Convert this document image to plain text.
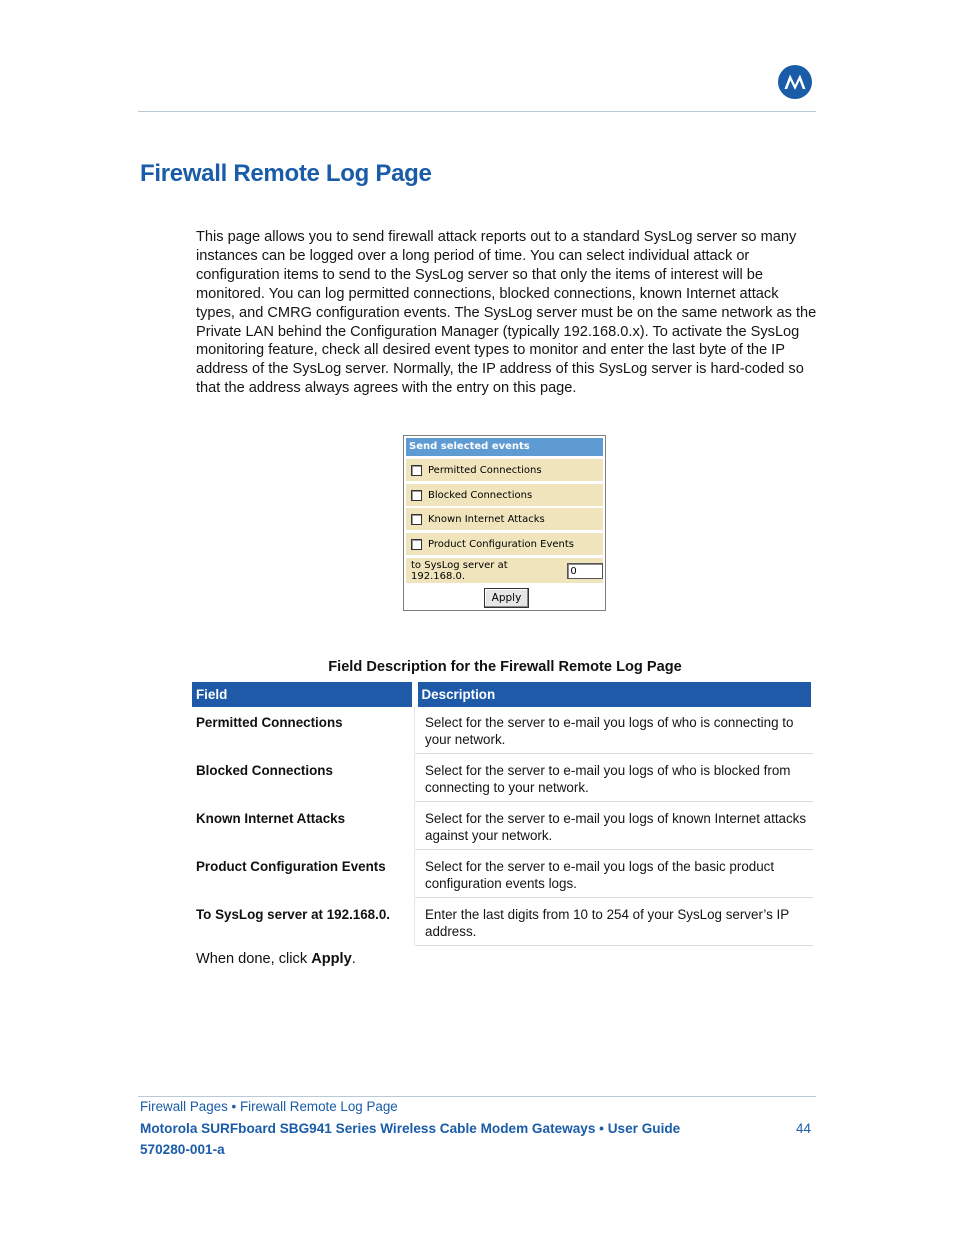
Firewall Remote Log Page

This page allows you to send firewall attack reports out to a standard SysLog server so many instances can be logged over a long period of time. You can select individual attack or configuration items to send to the SysLog server so that only the items of interest will be monitored. You can log permitted connections, blocked connections, known Internet attack types, and CMRG configuration events. The SysLog server must be on the same network as the Private LAN behind the Configuration Manager (typically 192.168.0.x). To activate the SysLog monitoring feature, check all desired event types to monitor and enter the last byte of the IP address of the SysLog server. Normally, the IP address of this SysLog server is hard-coded so that the address always agrees with the entry on this page.

Send selected events
Permitted Connections
Blocked Connections
Known Internet Attacks
Product Configuration Events
to SysLog server at 192.168.0.	0
Apply
Field Description for the Firewall Remote Log Page
Field	Description
Permitted Connections	Select for the server to e-mail you logs of who is connecting to your network.
Blocked Connections	Select for the server to e-mail you logs of who is blocked from connecting to your network.
Known Internet Attacks	Select for the server to e-mail you logs of known Internet attacks against your network.
Product Configuration Events	Select for the server to e-mail you logs of the basic product configuration events logs.
To SysLog server at 192.168.0.	Enter the last digits from 10 to 254 of your SysLog server’s IP address.

When done, click Apply.

Firewall Pages • Firewall Remote Log Page

Motorola SURFboard SBG941 Series Wireless Cable Modem Gateways • User Guide	44

570280-001-a
